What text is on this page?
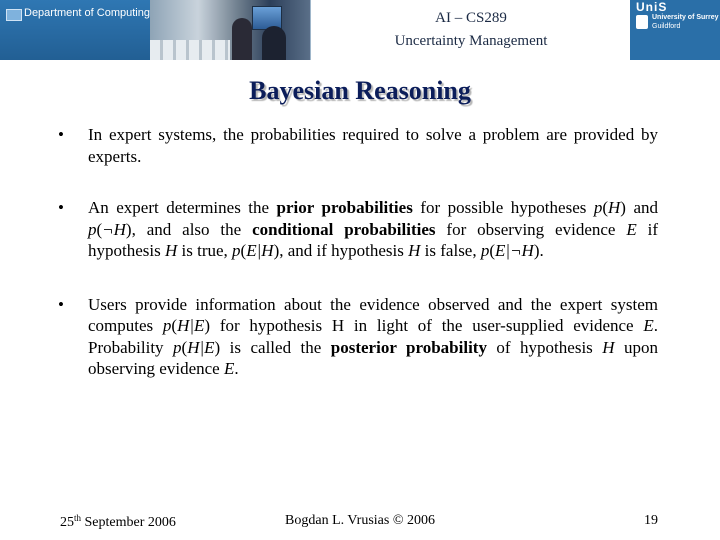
Department of Computing	AI – CS289
Uncertainty Management
UniS
University of Surrey
Guildford
Bayesian Reasoning
• In expert systems, the probabilities required to solve a problem are provided by experts.
• An expert determines the prior probabilities for possible hypotheses p(H) and p(¬H), and also the conditional probabilities for observing evidence E if hypothesis H is true, p(E|H), and if hypothesis H is false, p(E|¬H).
• Users provide information about the evidence observed and the expert system computes p(H|E) for hypothesis H in light of the user-supplied evidence E. Probability p(H|E) is called the posterior probability of hypothesis H upon observing evidence E.
25th September 2006	Bogdan L. Vrusias © 2006	19
